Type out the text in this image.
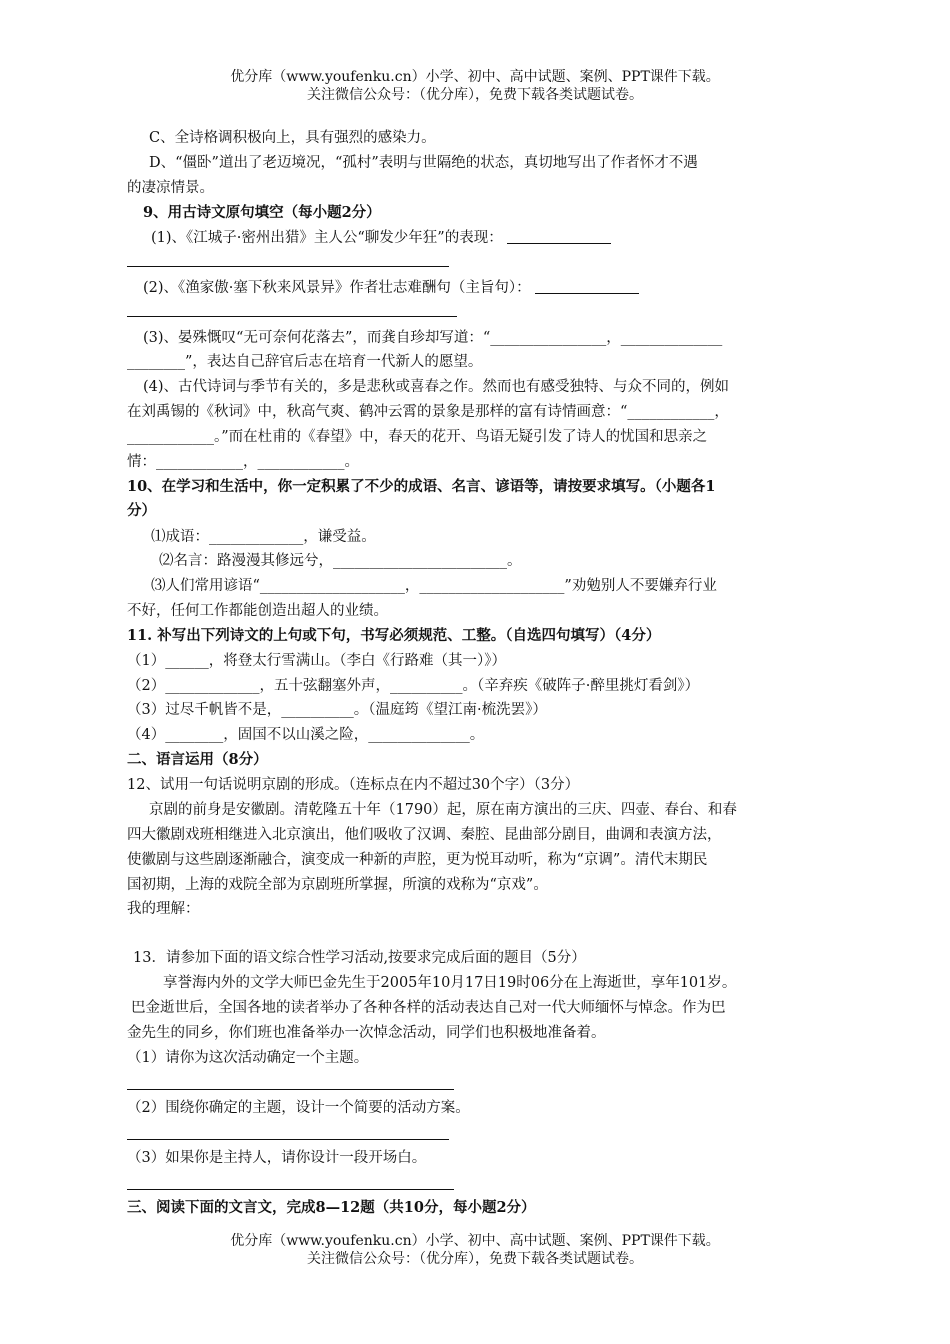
优分库（www.youfenku.cn）小学、初中、高中试题、案例、PPT课件下载。
关注微信公众号：（优分库），免费下载各类试题试卷。
C、全诗格调积极向上，具有强烈的感染力。
D、“僵卧”道出了老迈境况，“孤村”表明与世隔绝的状态，真切地写出了作者怀才不遇
的凄凉情景。
9、用古诗文原句填空（每小题2分）
(1)、《江城子·密州出猎》主人公“聊发少年狂”的表现：
(2)、《渔家傲·塞下秋来风景异》作者壮志难酬句（主旨句）：
(3)、晏殊慨叹“无可奈何花落去”，而龚自珍却写道：“________________，______________
________”，表达自己辞官后志在培育一代新人的愿望。
(4)、古代诗词与季节有关的，多是悲秋或喜春之作。然而也有感受独特、与众不同的，例如
在刘禹锡的《秋词》中，秋高气爽、鹤冲云霄的景象是那样的富有诗情画意：“____________，
____________。”而在杜甫的《春望》中，春天的花开、鸟语无疑引发了诗人的忧国和思亲之
情：____________，____________。
10、在学习和生活中，你一定积累了不少的成语、名言、谚语等，请按要求填写。（小题各1
分）
⑴成语：_____________，谦受益。
⑵名言：路漫漫其修远兮，________________________。
⑶人们常用谚语“____________________，____________________”劝勉别人不要嫌弃行业
不好，任何工作都能创造出超人的业绩。
11. 补写出下列诗文的上句或下句，书写必须规范、工整。（自选四句填写）（4分）
（1）______，将登太行雪满山。（李白《行路难（其一）》）
（2）_____________，五十弦翻塞外声，__________。（辛弃疾《破阵子·醉里挑灯看剑》）
（3）过尽千帆皆不是，__________。（温庭筠《望江南·梳洗罢》）
（4）________，固国不以山溪之险，______________。
二、语言运用（8分）
12、试用一句话说明京剧的形成。（连标点在内不超过30个字）（3分）
京剧的前身是安徽剧。清乾隆五十年（1790）起，原在南方演出的三庆、四壶、春台、和春
四大徽剧戏班相继进入北京演出，他们吸收了汉调、秦腔、昆曲部分剧目，曲调和表演方法，
使徽剧与这些剧逐渐融合，演变成一种新的声腔，更为悦耳动听，称为“京调”。清代末期民
国初期，上海的戏院全部为京剧班所掌握，所演的戏称为“京戏”。
我的理解：
13．请参加下面的语文综合性学习活动,按要求完成后面的题目（5分）
享誉海内外的文学大师巴金先生于2005年10月17日19时06分在上海逝世，享年101岁。
巴金逝世后，全国各地的读者举办了各种各样的活动表达自己对一代大师缅怀与悼念。作为巴
金先生的同乡，你们班也准备举办一次悼念活动，同学们也积极地准备着。
（1）请你为这次活动确定一个主题。
（2）围绕你确定的主题，设计一个简要的活动方案。
（3）如果你是主持人，请你设计一段开场白。
三、阅读下面的文言文，完成8—12题（共10分，每小题2分）
优分库（www.youfenku.cn）小学、初中、高中试题、案例、PPT课件下载。
关注微信公众号：（优分库），免费下载各类试题试卷。
